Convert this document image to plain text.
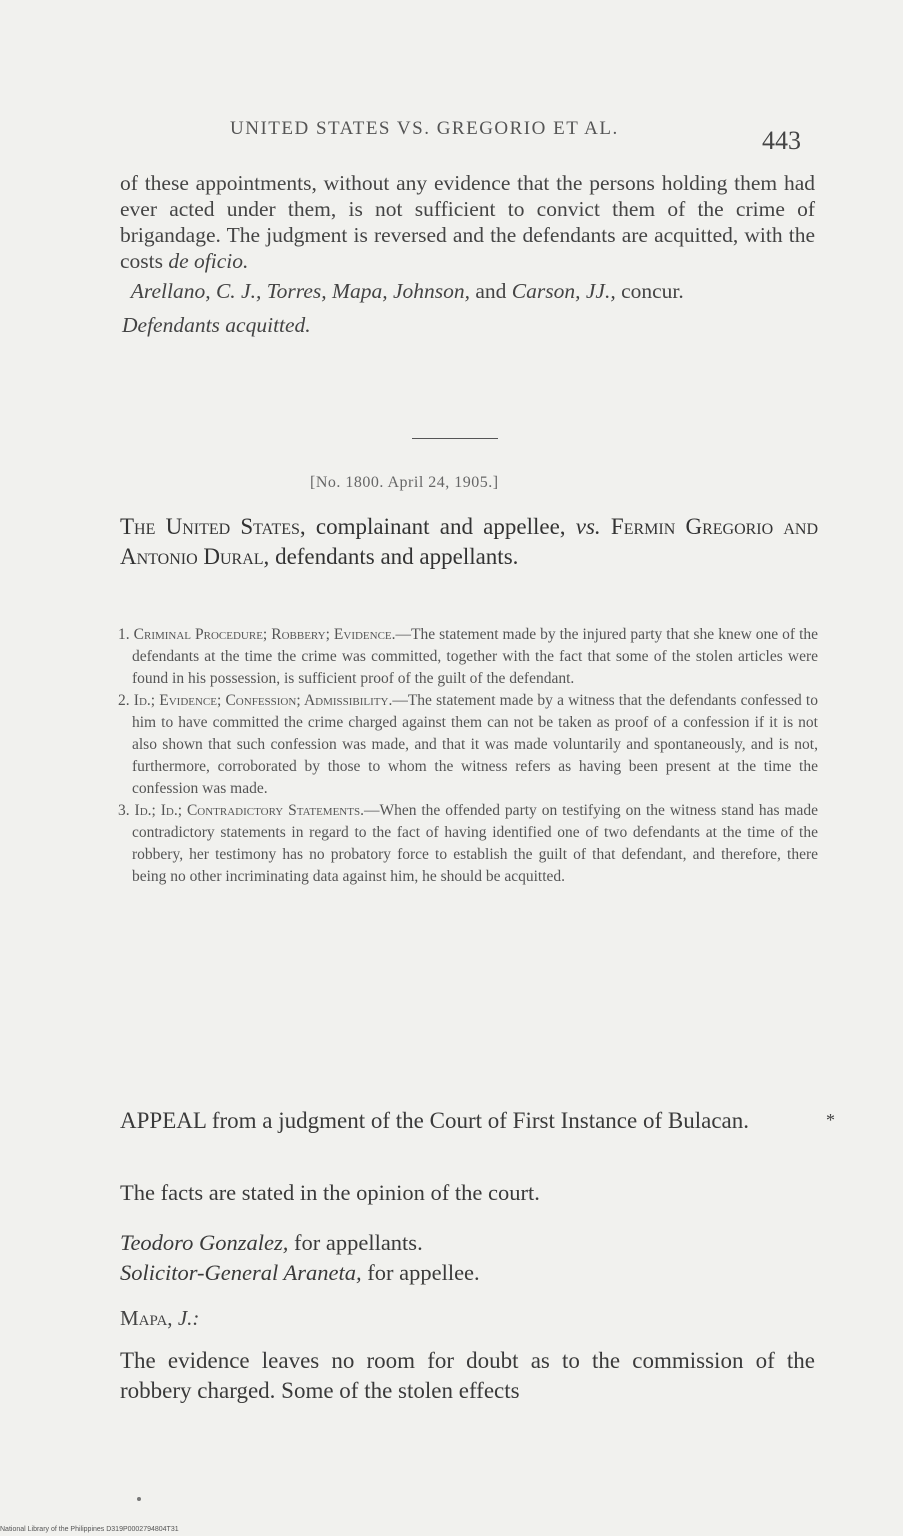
UNITED STATES VS. GREGORIO ET AL.	443

of these appointments, without any evidence that the persons holding them had ever acted under them, is not sufficient to convict them of the crime of brigandage. The judgment is reversed and the defendants are acquitted, with the costs de oficio.

Arellano, C. J., Torres, Mapa, Johnson, and Carson, JJ., concur.

Defendants acquitted.

[No. 1800. April 24, 1905.]
The United States, complainant and appellee, vs. Fermin Gregorio and Antonio Dural, defendants and appellants.

1. Criminal Procedure; Robbery; Evidence.—The statement made by the injured party that she knew one of the defendants at the time the crime was committed, together with the fact that some of the stolen articles were found in his possession, is sufficient proof of the guilt of the defendant.

2. Id.; Evidence; Confession; Admissibility.—The statement made by a witness that the defendants confessed to him to have committed the crime charged against them can not be taken as proof of a confession if it is not also shown that such confession was made, and that it was made voluntarily and spontaneously, and is not, furthermore, corroborated by those to whom the witness refers as having been present at the time the confession was made.

3. Id.; Id.; Contradictory Statements.—When the offended party on testifying on the witness stand has made contradictory statements in regard to the fact of having identified one of two defendants at the time of the robbery, her testimony has no probatory force to establish the guilt of that defendant, and therefore, there being no other incriminating data against him, he should be acquitted.

APPEAL from a judgment of the Court of First Instance of Bulacan.	*
The facts are stated in the opinion of the court.
Teodoro Gonzalez, for appellants.
Solicitor-General Araneta, for appellee.
Mapa, J.:
The evidence leaves no room for doubt as to the commission of the robbery charged. Some of the stolen effects
National Library of the Philippines D319P0002794804T31
